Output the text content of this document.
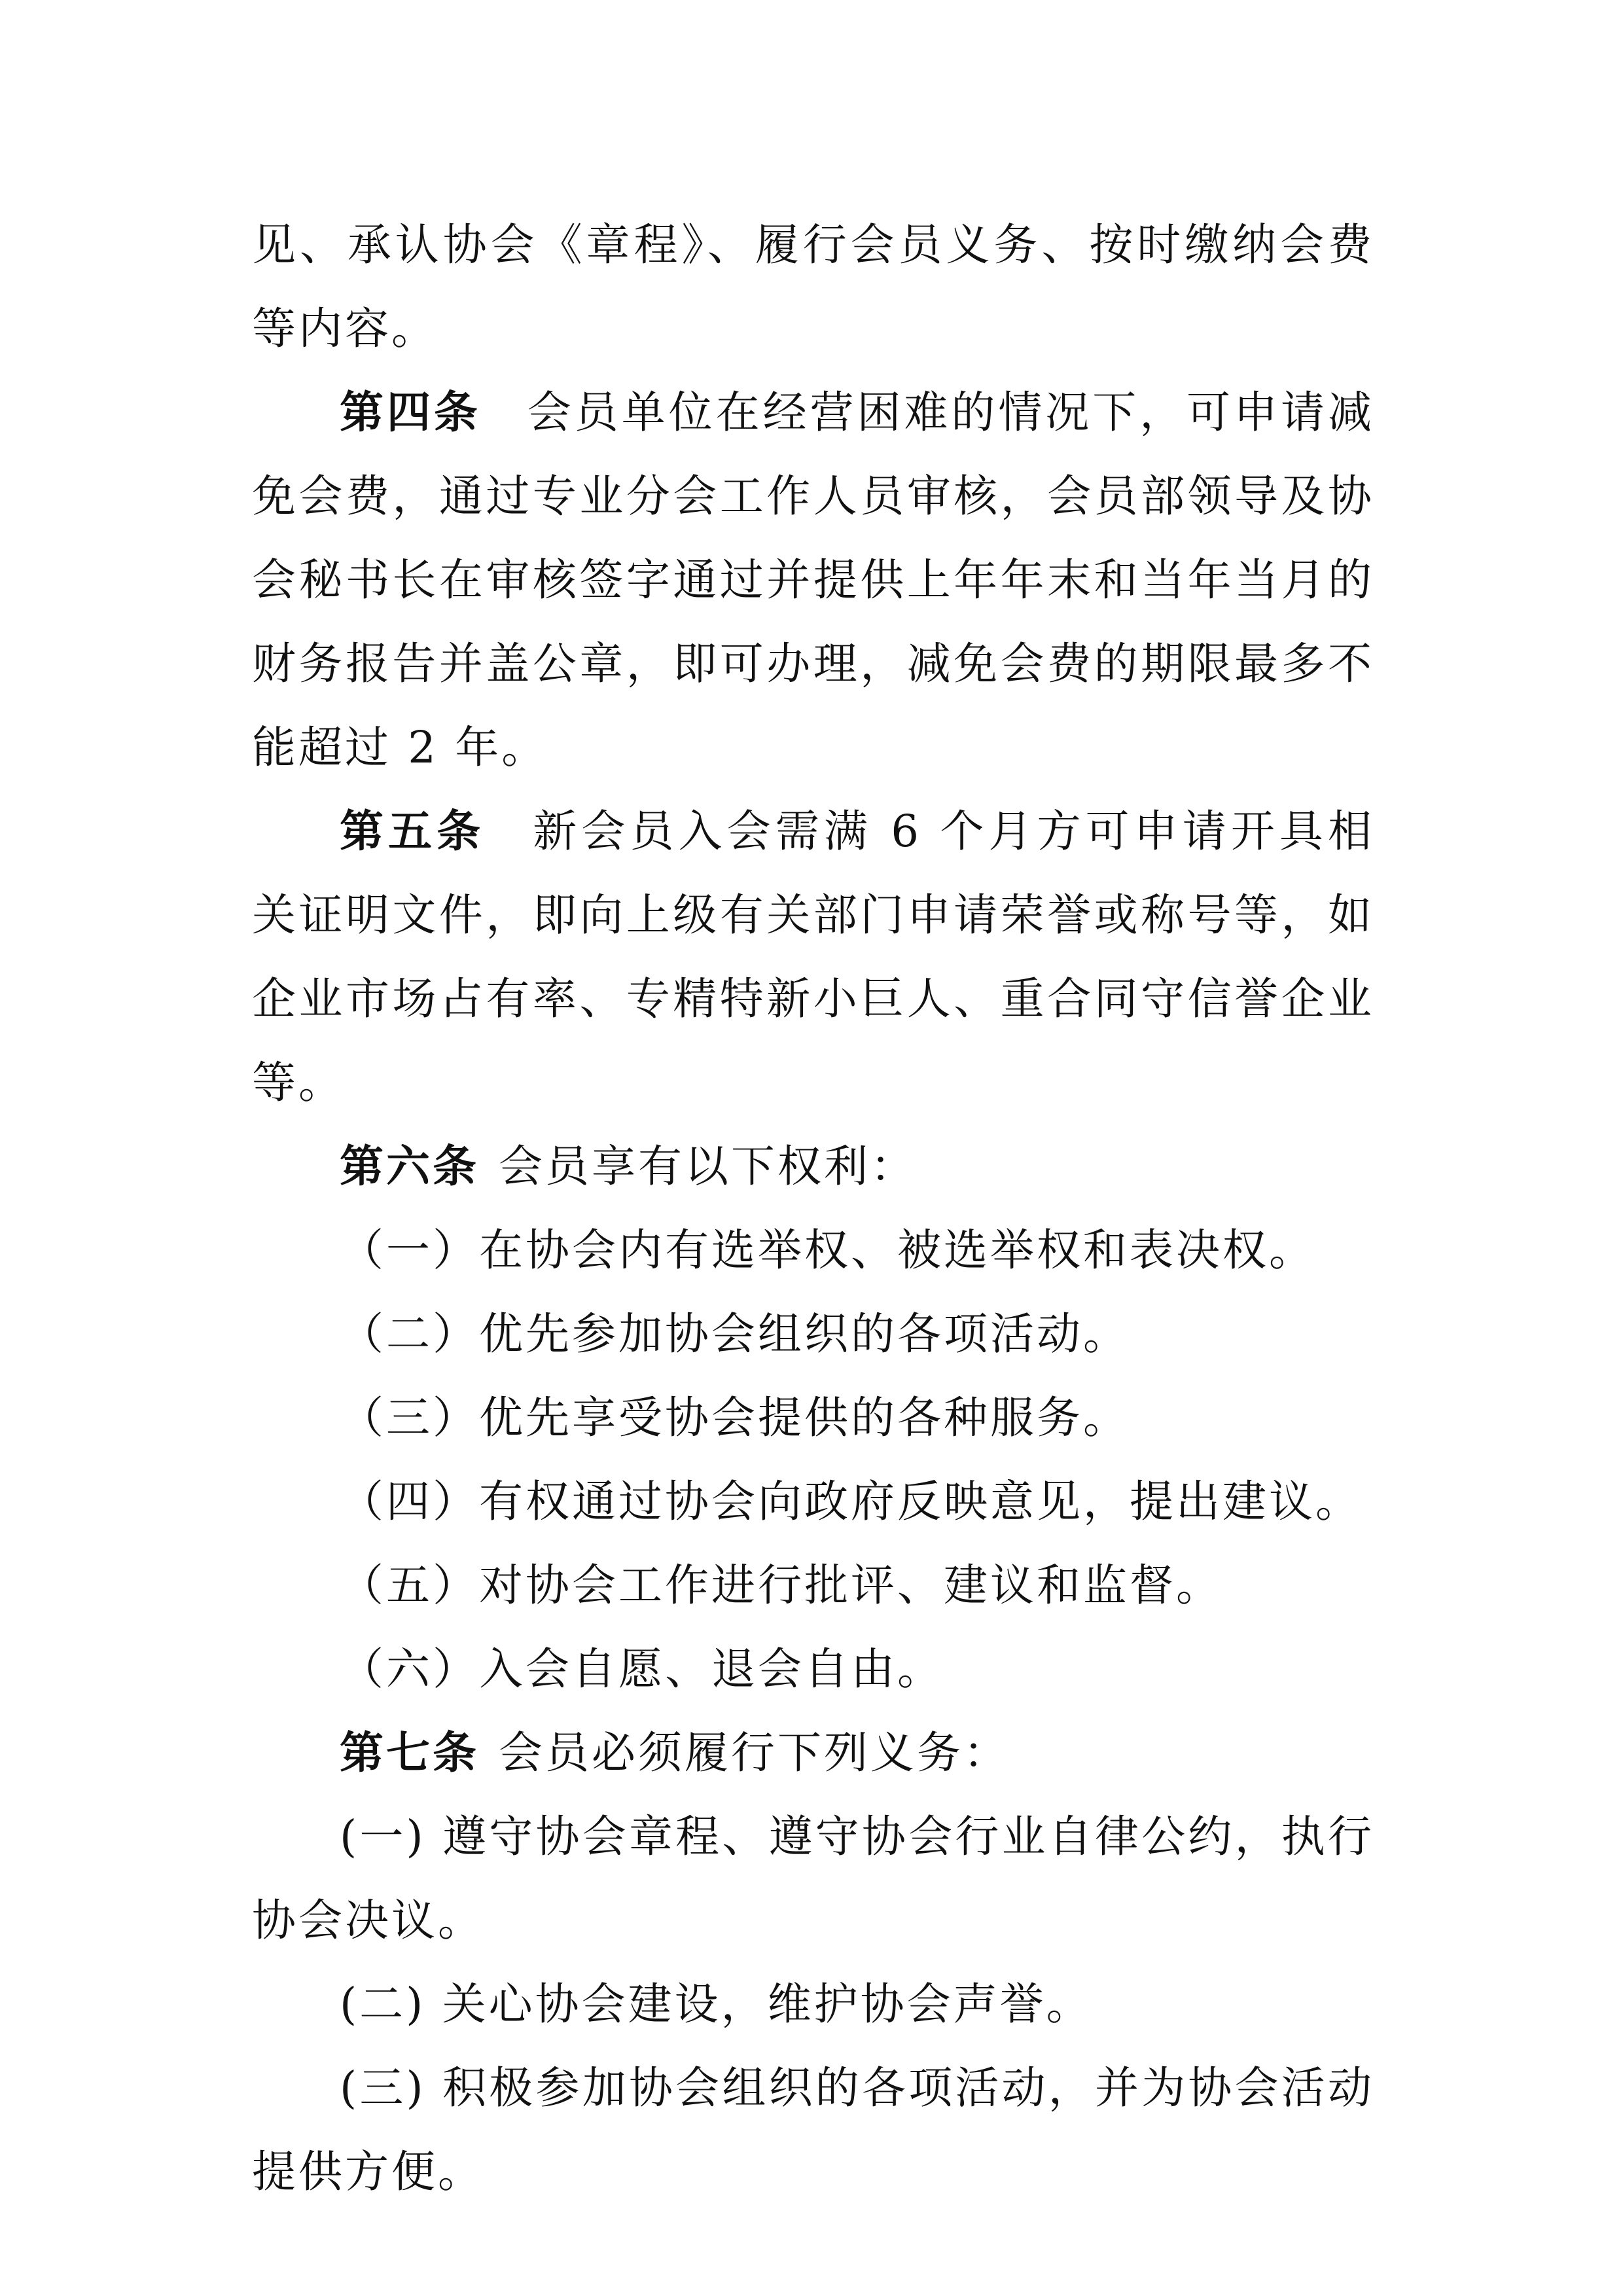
见、承认协会《章程》、履行会员义务、按时缴纳会费等内容。

第四条 会员单位在经营困难的情况下，可申请减免会费，通过专业分会工作人员审核，会员部领导及协会秘书长在审核签字通过并提供上年年末和当年当月的财务报告并盖公章，即可办理，减免会费的期限最多不能超过 2 年。

第五条 新会员入会需满 6 个月方可申请开具相关证明文件，即向上级有关部门申请荣誉或称号等，如企业市场占有率、专精特新小巨人、重合同守信誉企业等。

第六条 会员享有以下权利：

（一）在协会内有选举权、被选举权和表决权。

（二）优先参加协会组织的各项活动。

（三）优先享受协会提供的各种服务。

（四）有权通过协会向政府反映意见，提出建议。

（五）对协会工作进行批评、建议和监督。

（六）入会自愿、退会自由。

第七条 会员必须履行下列义务：

(一) 遵守协会章程、遵守协会行业自律公约，执行协会决议。

(二) 关心协会建设，维护协会声誉。

(三) 积极参加协会组织的各项活动，并为协会活动提供方便。
